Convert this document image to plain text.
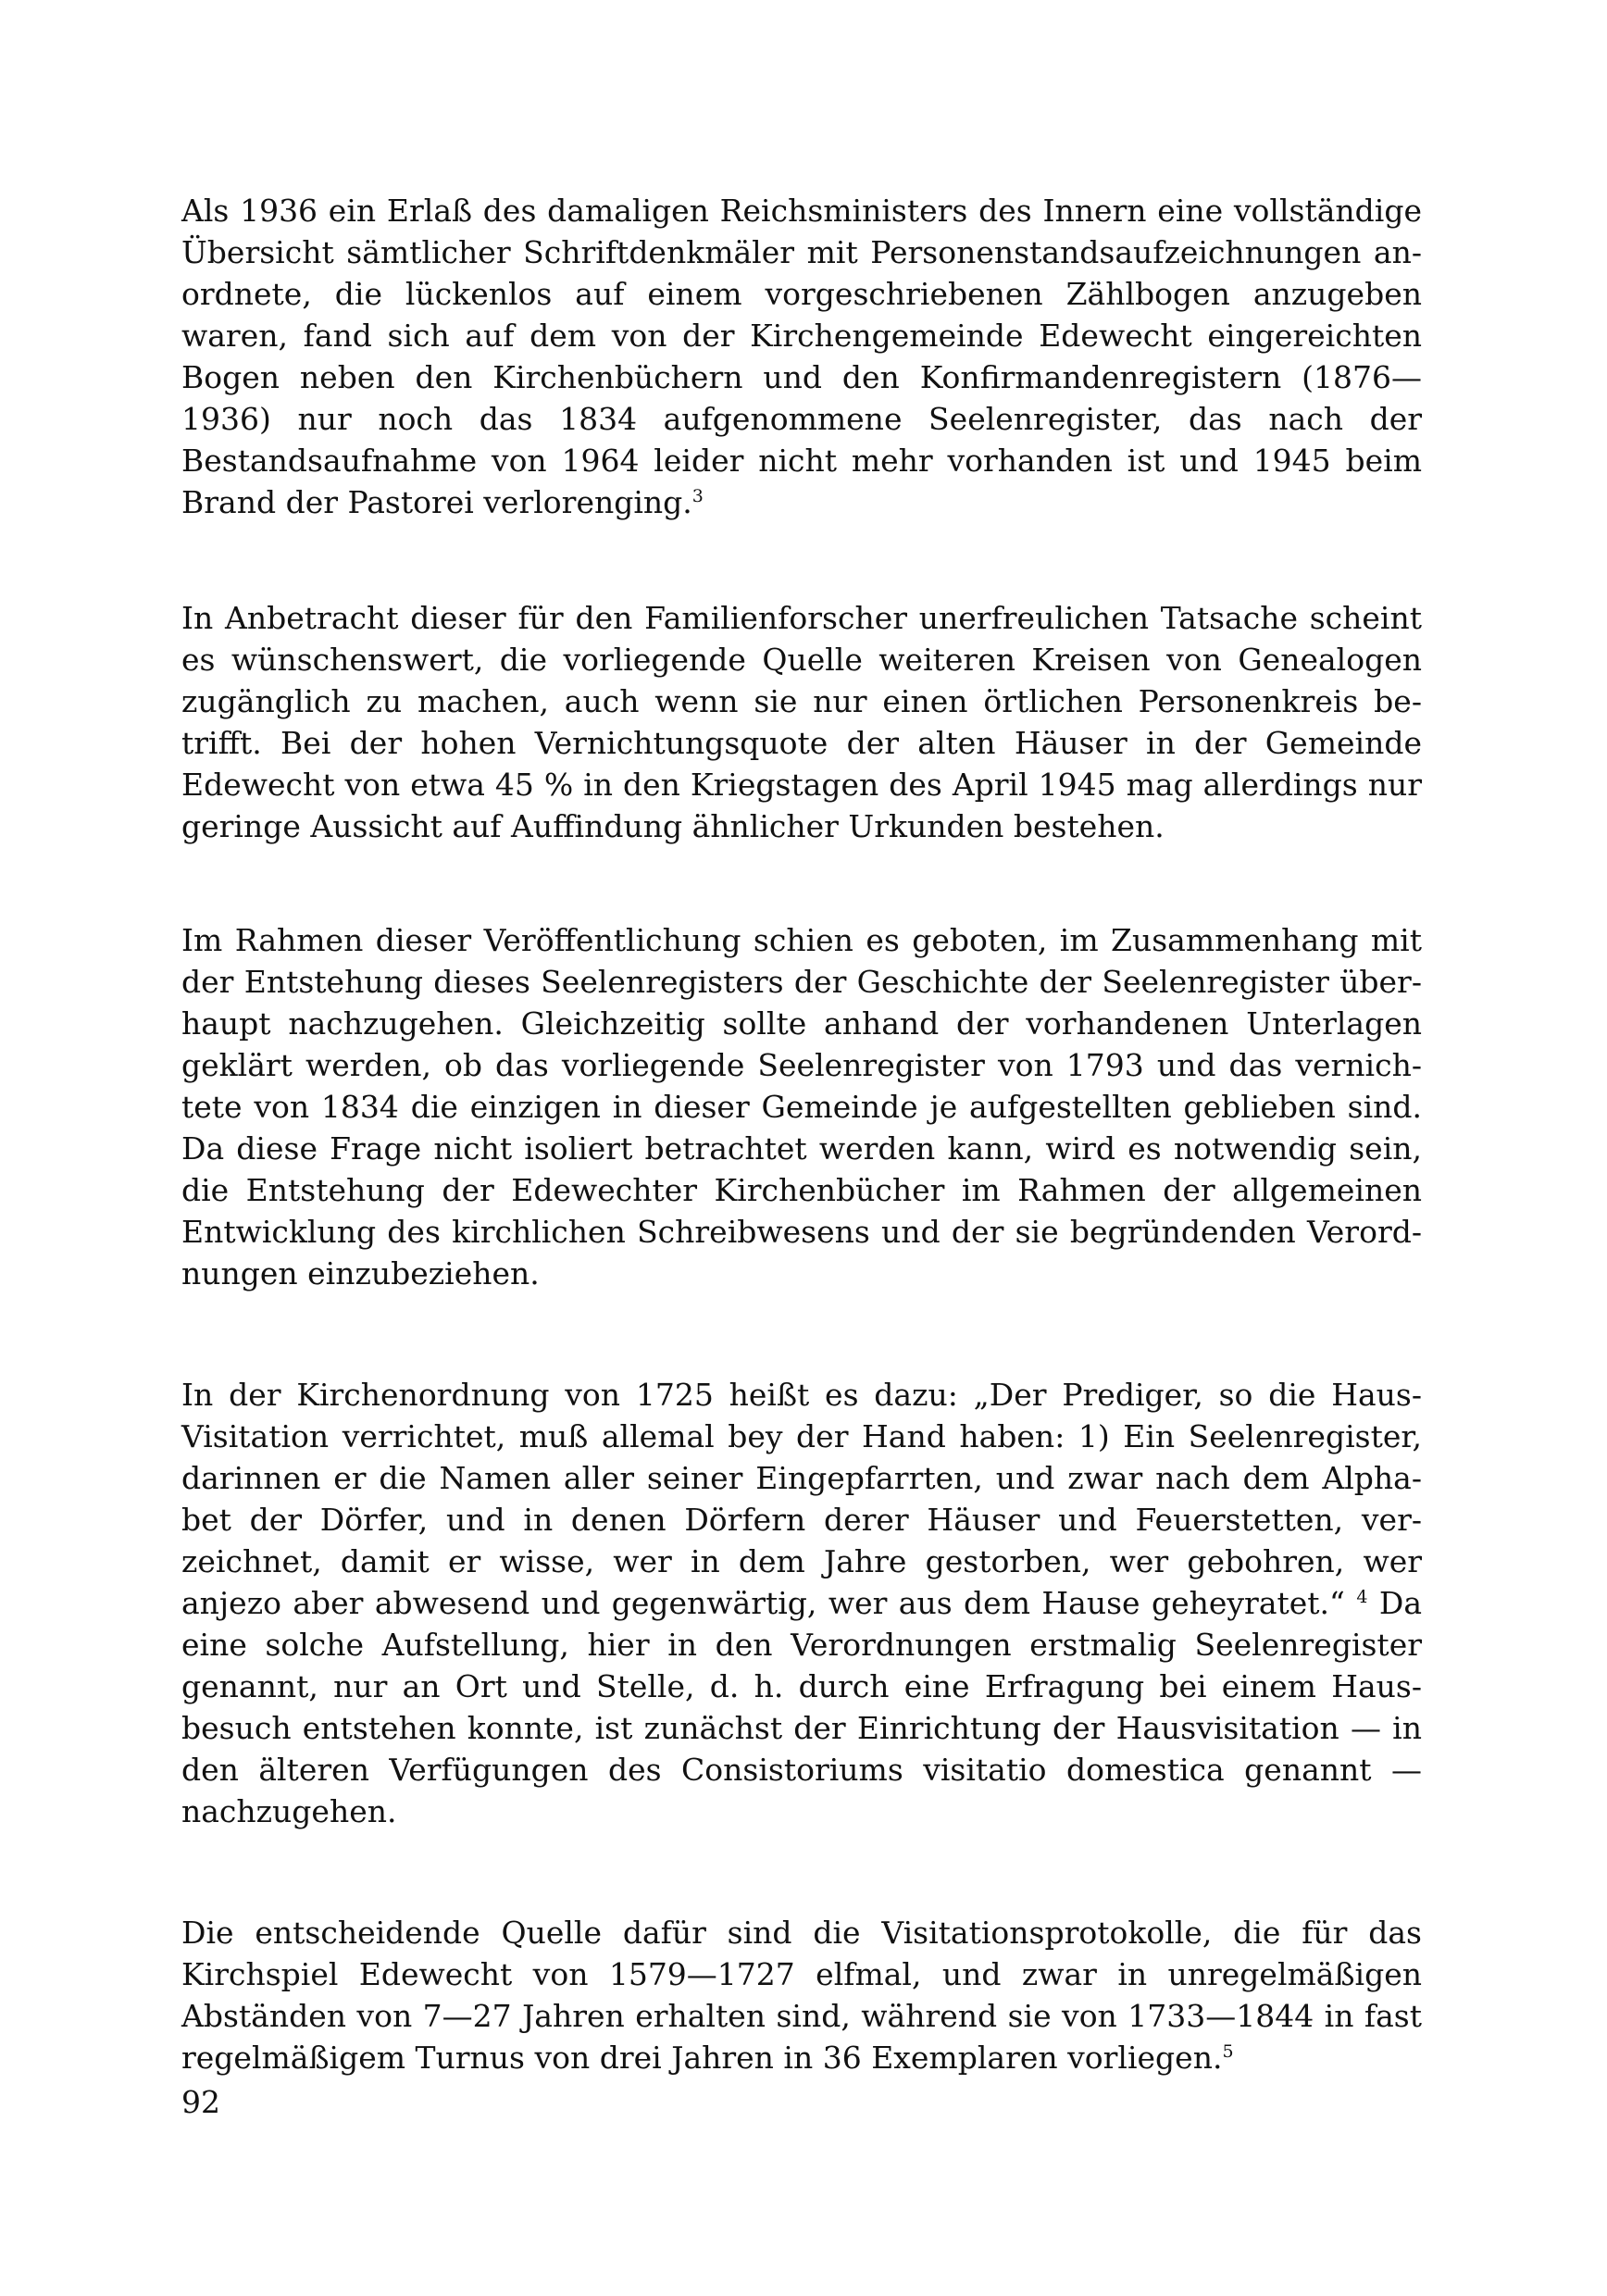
Als 1936 ein Erlaß des damaligen Reichsministers des Innern eine vollständige Übersicht sämtlicher Schriftdenkmäler mit Personenstandsaufzeichnungen anordnete, die lückenlos auf einem vorgeschriebenen Zählbogen anzugeben waren, fand sich auf dem von der Kirchengemeinde Edewecht eingereichten Bogen neben den Kirchenbüchern und den Konfirmandenregistern (1876—1936) nur noch das 1834 aufgenommene Seelenregister, das nach der Bestandsaufnahme von 1964 leider nicht mehr vorhanden ist und 1945 beim Brand der Pastorei verlorenging.$^3$

In Anbetracht dieser für den Familienforscher unerfreulichen Tatsache scheint es wünschenswert, die vorliegende Quelle weiteren Kreisen von Genealogen zugänglich zu machen, auch wenn sie nur einen örtlichen Personenkreis betrifft. Bei der hohen Vernichtungsquote der alten Häuser in der Gemeinde Edewecht von etwa 45 % in den Kriegstagen des April 1945 mag allerdings nur geringe Aussicht auf Auffindung ähnlicher Urkunden bestehen.

Im Rahmen dieser Veröffentlichung schien es geboten, im Zusammenhang mit der Entstehung dieses Seelenregisters der Geschichte der Seelenregister überhaupt nachzugehen. Gleichzeitig sollte anhand der vorhandenen Unterlagen geklärt werden, ob das vorliegende Seelenregister von 1793 und das vernichtete von 1834 die einzigen in dieser Gemeinde je aufgestellten geblieben sind. Da diese Frage nicht isoliert betrachtet werden kann, wird es notwendig sein, die Entstehung der Edewechter Kirchenbücher im Rahmen der allgemeinen Entwicklung des kirchlichen Schreibwesens und der sie begründenden Verordnungen einzubeziehen.

In der Kirchenordnung von 1725 heißt es dazu: „Der Prediger, so die Haus-Visitation verrichtet, muß allemal bey der Hand haben: 1) Ein Seelenregister, darinnen er die Namen aller seiner Eingepfarrten, und zwar nach dem Alphabet der Dörfer, und in denen Dörfern derer Häuser und Feuerstetten, verzeichnet, damit er wisse, wer in dem Jahre gestorben, wer gebohren, wer anjezo aber abwesend und gegenwärtig, wer aus dem Hause geheyratet.“ $^4$ Da eine solche Aufstellung, hier in den Verordnungen erstmalig Seelenregister genannt, nur an Ort und Stelle, d. h. durch eine Erfragung bei einem Hausbesuch entstehen konnte, ist zunächst der Einrichtung der Hausvisitation — in den älteren Verfügungen des Consistoriums visitatio domestica genannt — nachzugehen.

Die entscheidende Quelle dafür sind die Visitationsprotokolle, die für das Kirchspiel Edewecht von 1579—1727 elfmal, und zwar in unregelmäßigen Abständen von 7—27 Jahren erhalten sind, während sie von 1733—1844 in fast regelmäßigem Turnus von drei Jahren in 36 Exemplaren vorliegen.$^5$

92
